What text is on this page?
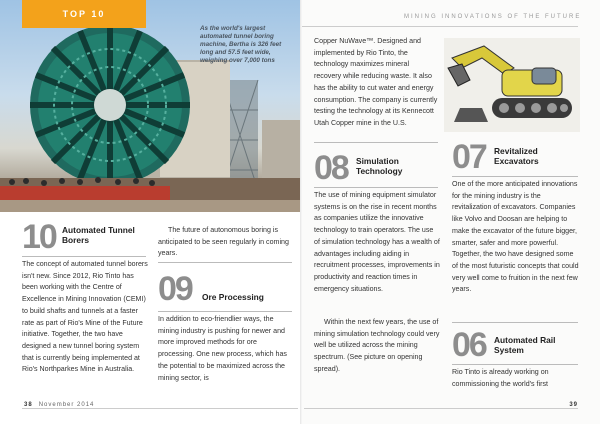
TOP 10
As the world's largest automated tunnel boring machine, Bertha is 326 feet long and 57.5 feet wide, weighing over 7,000 tons
10 Automated Tunnel Borers
The concept of automated tunnel borers isn't new. Since 2012, Rio Tinto has been working with the Centre of Excellence in Mining Innovation (CEMI) to build shafts and tunnels at a faster rate as part of Rio's Mine of the Future initiative. Together, the two have designed a new tunnel boring system that is currently being implemented at Rio's Northparkes Mine in Australia.
The future of autonomous boring is anticipated to be seen regularly in coming years.
09 Ore Processing
In addition to eco-friendlier ways, the mining industry is pushing for newer and more improved methods for ore processing. One new process, which has the potential to be maximized across the mining sector, is
38 November 2014
MINING INNOVATIONS OF THE FUTURE
Copper NuWave™. Designed and implemented by Rio Tinto, the technology maximizes mineral recovery while reducing waste. It also has the ability to cut water and energy consumption. The company is currently testing the technology at its Kennecott Utah Copper mine in the U.S.
08 Simulation Technology
The use of mining equipment simulator systems is on the rise in recent months as companies utilize the innovative technology to train operators. The use of simulation technology has a wealth of advantages including aiding in recruitment processes, improvements in productivity and reaction times in emergency situations.
Within the next few years, the use of mining simulation technology could very well be utilized across the mining spectrum. (See picture on opening spread).
07 Revitalized Excavators
One of the more anticipated innovations for the mining industry is the revitalization of excavators. Companies like Volvo and Doosan are helping to make the excavator of the future bigger, smarter, safer and more powerful. Together, the two have designed some of the most futuristic concepts that could very well come to fruition in the next few years.
06 Automated Rail System
Rio Tinto is already working on commissioning the world's first
39
